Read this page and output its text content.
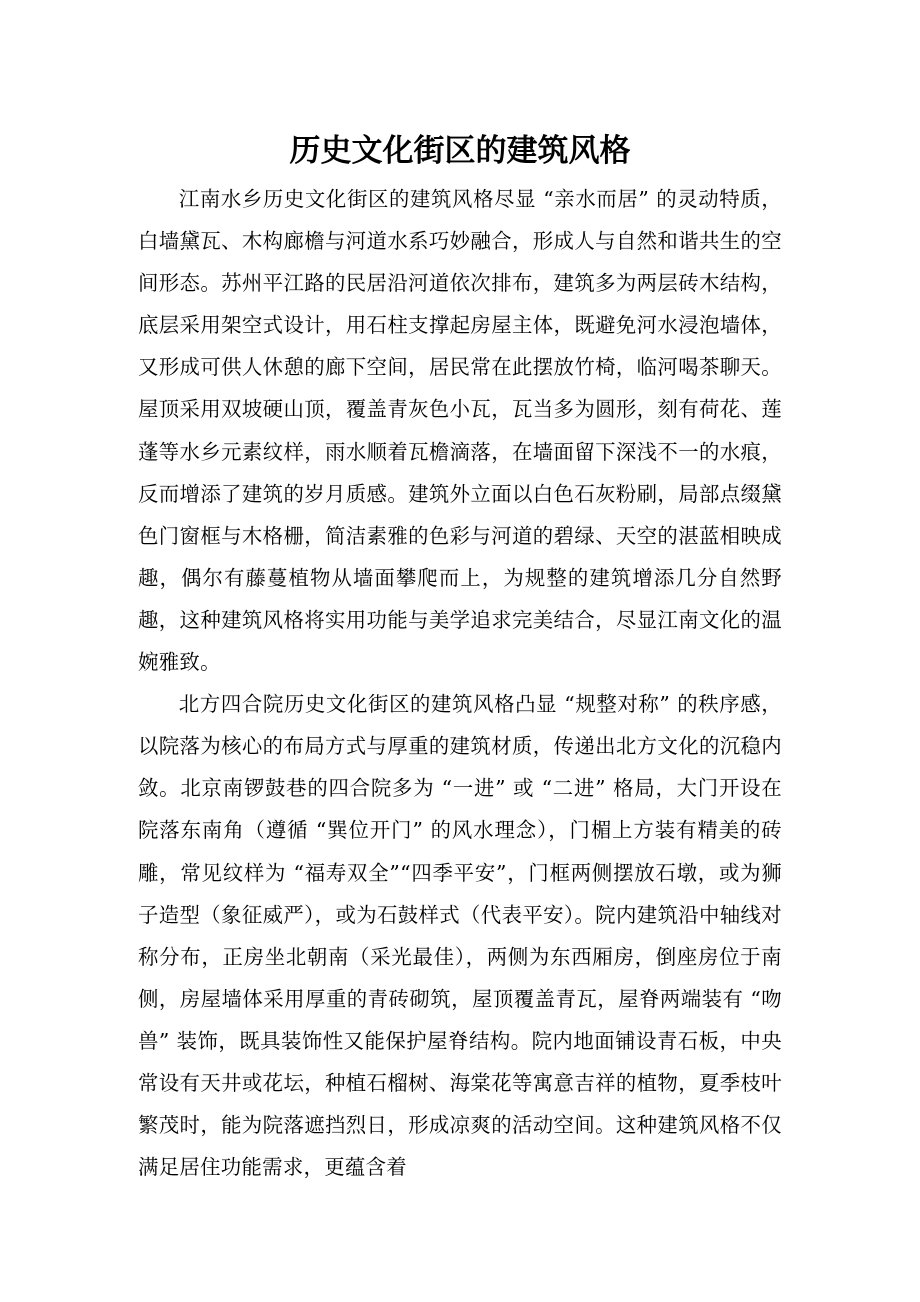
历史文化街区的建筑风格

江南水乡历史文化街区的建筑风格尽显 “亲水而居” 的灵动特质，白墙黛瓦、木构廊檐与河道水系巧妙融合，形成人与自然和谐共生的空间形态。苏州平江路的民居沿河道依次排布，建筑多为两层砖木结构，底层采用架空式设计，用石柱支撑起房屋主体，既避免河水浸泡墙体，又形成可供人休憩的廊下空间，居民常在此摆放竹椅，临河喝茶聊天。屋顶采用双坡硬山顶，覆盖青灰色小瓦，瓦当多为圆形，刻有荷花、莲蓬等水乡元素纹样，雨水顺着瓦檐滴落，在墙面留下深浅不一的水痕，反而增添了建筑的岁月质感。建筑外立面以白色石灰粉刷，局部点缀黛色门窗框与木格栅，简洁素雅的色彩与河道的碧绿、天空的湛蓝相映成趣，偶尔有藤蔓植物从墙面攀爬而上，为规整的建筑增添几分自然野趣，这种建筑风格将实用功能与美学追求完美结合，尽显江南文化的温婉雅致。

北方四合院历史文化街区的建筑风格凸显 “规整对称” 的秩序感，以院落为核心的布局方式与厚重的建筑材质，传递出北方文化的沉稳内敛。北京南锣鼓巷的四合院多为 “一进” 或 “二进” 格局，大门开设在院落东南角（遵循 “巽位开门” 的风水理念），门楣上方装有精美的砖雕，常见纹样为 “福寿双全”“四季平安”，门框两侧摆放石墩，或为狮子造型（象征威严），或为石鼓样式（代表平安）。院内建筑沿中轴线对称分布，正房坐北朝南（采光最佳），两侧为东西厢房，倒座房位于南侧，房屋墙体采用厚重的青砖砌筑，屋顶覆盖青瓦，屋脊两端装有 “吻兽” 装饰，既具装饰性又能保护屋脊结构。院内地面铺设青石板，中央常设有天井或花坛，种植石榴树、海棠花等寓意吉祥的植物，夏季枝叶繁茂时，能为院落遮挡烈日，形成凉爽的活动空间。这种建筑风格不仅满足居住功能需求，更蕴含着
